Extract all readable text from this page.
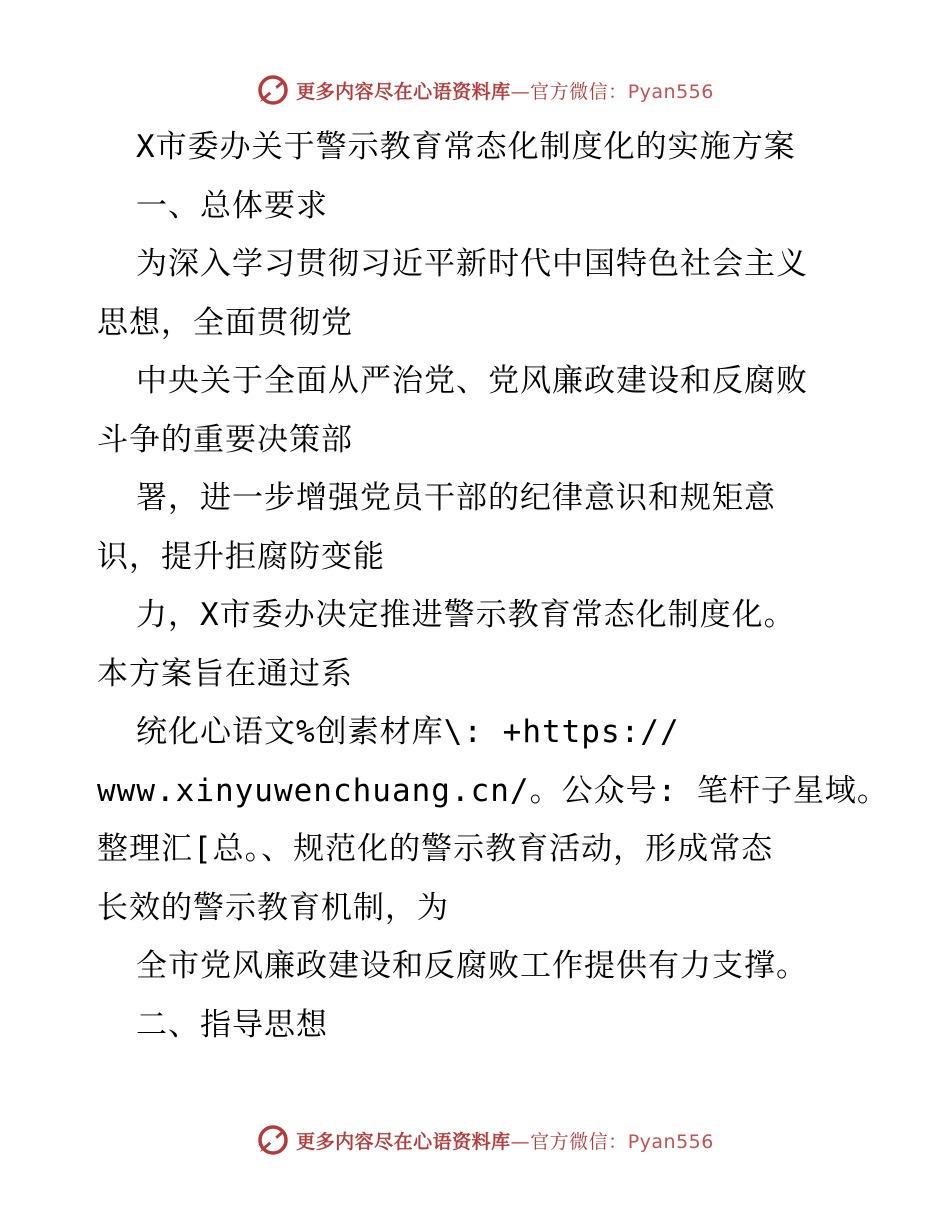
更多内容尽在心语资料库—官方微信：Pyan556
X市委办关于警示教育常态化制度化的实施方案
一、总体要求
为深入学习贯彻习近平新时代中国特色社会主义
思想，全面贯彻党
中央关于全面从严治党、党风廉政建设和反腐败
斗争的重要决策部
署，进一步增强党员干部的纪律意识和规矩意
识，提升拒腐防变能
力，X市委办决定推进警示教育常态化制度化。
本方案旨在通过系
统化心语文%创素材库\: +https://
www.xinyuwenchuang.cn/。公众号: 笔杆子星域。
整理汇[总。、规范化的警示教育活动，形成常态
长效的警示教育机制，为
全市党风廉政建设和反腐败工作提供有力支撑。
二、指导思想
更多内容尽在心语资料库—官方微信：Pyan556
